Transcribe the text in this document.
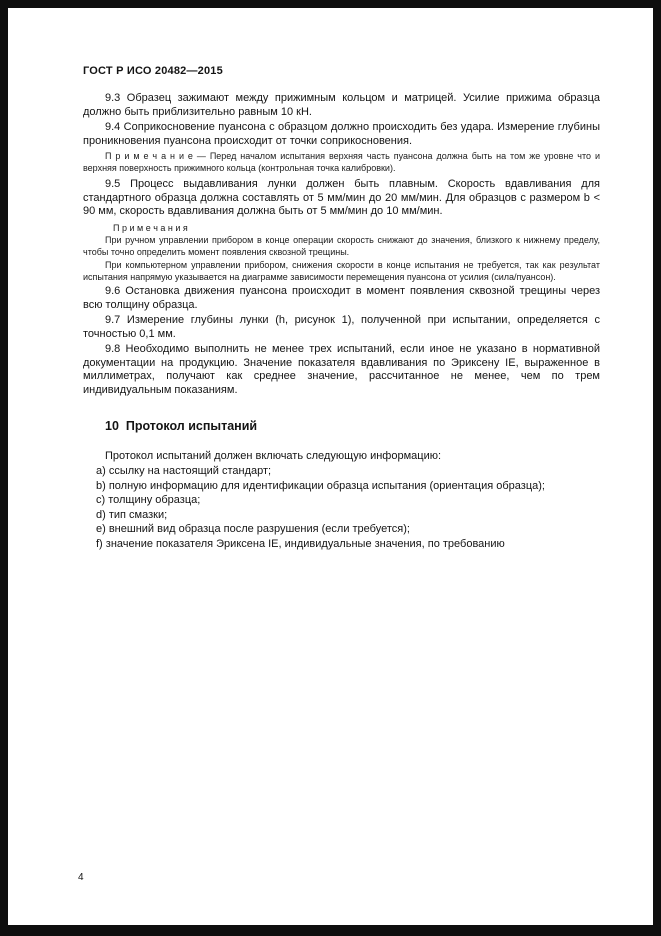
ГОСТ Р ИСО 20482—2015

9.3 Образец зажимают между прижимным кольцом и матрицей. Усилие прижима образца должно быть приблизительно равным 10 кН.

9.4 Соприкосновение пуансона с образцом должно происходить без удара. Измерение глубины проникновения пуансона происходит от точки соприкосновения.

П р и м е ч а н и е — Перед началом испытания верхняя часть пуансона должна быть на том же уровне что и верхняя поверхность прижимного кольца (контрольная точка калибровки).

9.5 Процесс выдавливания лунки должен быть плавным. Скорость вдавливания для стандартного образца должна составлять от 5 мм/мин до 20 мм/мин. Для образцов с размером b < 90 мм, скорость вдавливания должна быть от 5 мм/мин до 10 мм/мин.

П р и м е ч а н и я

При ручном управлении прибором в конце операции скорость снижают до значения, близкого к нижнему пределу, чтобы точно определить момент появления сквозной трещины.

При компьютерном управлении прибором, снижения скорости в конце испытания не требуется, так как результат испытания напрямую указывается на диаграмме зависимости перемещения пуансона от усилия (сила/пуансон).

9.6 Остановка движения пуансона происходит в момент появления сквозной трещины через всю толщину образца.

9.7 Измерение глубины лунки (h, рисунок 1), полученной при испытании, определяется с точностью 0,1 мм.

9.8 Необходимо выполнить не менее трех испытаний, если иное не указано в нормативной документации на продукцию. Значение показателя вдавливания по Эриксену IE, выраженное в миллиметрах, получают как среднее значение, рассчитанное не менее, чем по трем индивидуальным показаниям.

10  Протокол испытаний

Протокол испытаний должен включать следующую информацию:

a) ссылку на настоящий стандарт;

b) полную информацию для идентификации образца испытания (ориентация образца);

c) толщину образца;

d) тип смазки;

e) внешний вид образца после разрушения (если требуется);

f) значение показателя Эриксена IE, индивидуальные значения, по требованию

4
